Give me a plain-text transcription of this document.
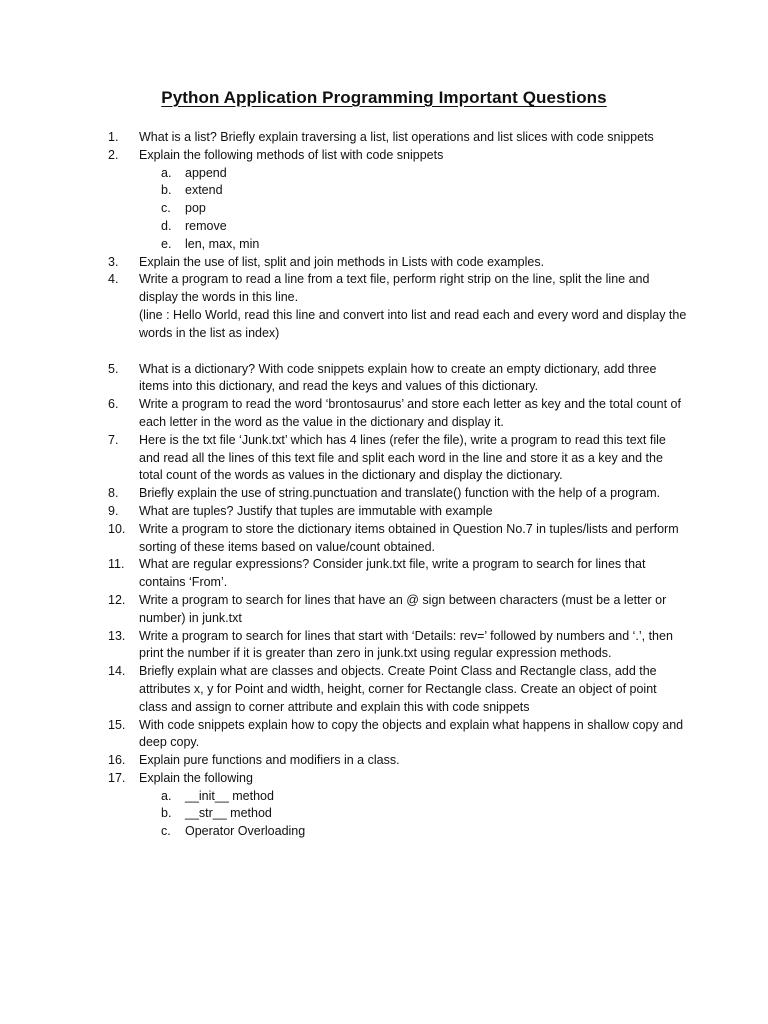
Python Application Programming Important Questions
1.	What is a list? Briefly explain traversing a list, list operations and list slices with code snippets
2.	Explain the following methods of list with code snippets
a. append
b. extend
c. pop
d. remove
e. len, max, min
3.	Explain the use of list, split and join methods in Lists with code examples.
4.	Write a program to read a line from a text file, perform right strip on the line, split the line and display the words in this line.
(line : Hello World, read this line and convert into list and read each and every word and display the words in the list as index)
5.	What is a dictionary? With code snippets explain how to create an empty dictionary, add three items into this dictionary, and read the keys and values of this dictionary.
6.	Write a program to read the word ‘brontosaurus’ and store each letter as key and the total count of each letter in the word as the value in the dictionary and display it.
7.	Here is the txt file ‘Junk.txt’ which has 4 lines (refer the file), write a program to read this text file and read all the lines of this text file and split each word in the line and store it as a key and the total count of the words as values in the dictionary and display the dictionary.
8.	Briefly explain the use of string.punctuation and translate() function with the help of a program.
9.	What are tuples? Justify that tuples are immutable with example
10.	Write a program to store the dictionary items obtained in Question No.7 in tuples/lists and perform sorting of these items based on value/count obtained.
11.	What are regular expressions? Consider junk.txt file, write a program to search for lines that contains ‘From’.
12.	Write a program to search for lines that have an @ sign between characters (must be a letter or number) in junk.txt
13.	Write a program to search for lines that start with ‘Details: rev=’ followed by numbers and ‘.’, then print the number if it is greater than zero in junk.txt using regular expression methods.
14.	Briefly explain what are classes and objects. Create Point Class and Rectangle class, add the attributes x, y for Point and width, height, corner for Rectangle class. Create an object of point class and assign to corner attribute and explain this with code snippets
15.	With code snippets explain how to copy the objects and explain what happens in shallow copy and deep copy.
16.	Explain pure functions and modifiers in a class.
17.	Explain the following
a. __init__ method
b. __str__ method
c. Operator Overloading
